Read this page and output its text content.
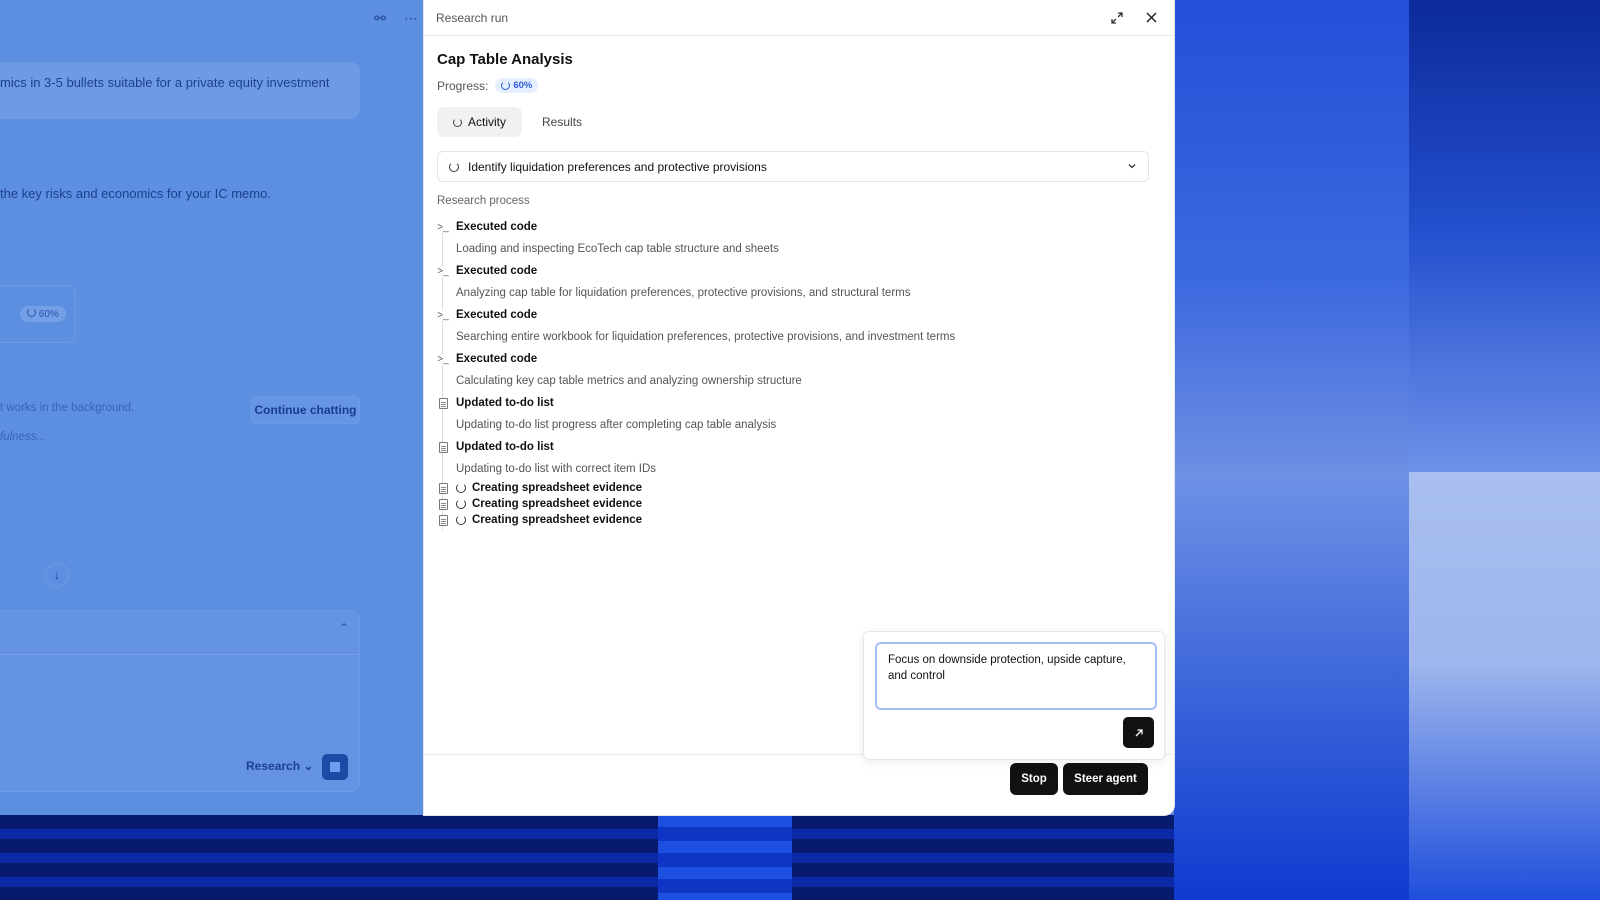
⚯ ⋯
mics in 3-5 bullets suitable for a private equity investment
the key risks and economics for your IC memo.
60%
t works in the background.	Continue chatting
fulness...
↓
⌃
Research ⌄
Research run
Cap Table Analysis
Progress:	60%
Activity	Results
Identify liquidation preferences and protective provisions
Research process
>_ Executed code
Loading and inspecting EcoTech cap table structure and sheets
>_ Executed code
Analyzing cap table for liquidation preferences, protective provisions, and structural terms
>_ Executed code
Searching entire workbook for liquidation preferences, protective provisions, and investment terms
>_ Executed code
Calculating key cap table metrics and analyzing ownership structure
Updated to-do list
Updating to-do list progress after completing cap table analysis
Updated to-do list
Updating to-do list with correct item IDs
Creating spreadsheet evidence
Creating spreadsheet evidence
Creating spreadsheet evidence
Stop	Steer agent
Focus on downside protection, upside capture, and control
